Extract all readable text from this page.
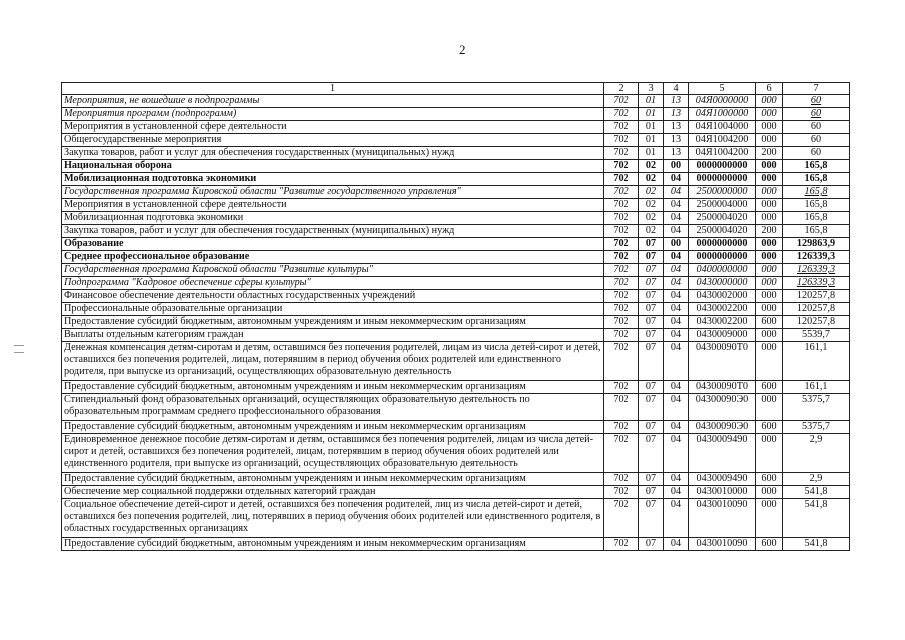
2
1	2	3	4	5	6	7
Мероприятия, не вошедшие в подпрограммы	702	01	13	04Я0000000	000	60
Мероприятия программ (подпрограмм)	702	01	13	04Я1000000	000	60
Мероприятия в установленной сфере деятельности	702	01	13	04Я1004000	000	60
Общегосударственные мероприятия	702	01	13	04Я1004200	000	60
Закупка товаров, работ и услуг для обеспечения государственных (муниципальных) нужд	702	01	13	04Я1004200	200	60
Национальная оборона	702	02	00	0000000000	000	165,8
Мобилизационная подготовка экономики	702	02	04	0000000000	000	165,8
Государственная программа Кировской области "Развитие государственного управления"	702	02	04	2500000000	000	165,8
Мероприятия в установленной сфере деятельности	702	02	04	2500004000	000	165,8
Мобилизационная подготовка экономики	702	02	04	2500004020	000	165,8
Закупка товаров, работ и услуг для обеспечения государственных (муниципальных) нужд	702	02	04	2500004020	200	165,8
Образование	702	07	00	0000000000	000	129863,9
Среднее профессиональное образование	702	07	04	0000000000	000	126339,3
Государственная программа Кировской области "Развитие культуры"	702	07	04	0400000000	000	126339,3
Подпрограмма "Кадровое обеспечение сферы культуры"	702	07	04	0430000000	000	126339,3
Финансовое обеспечение деятельности областных государственных учреждений	702	07	04	0430002000	000	120257,8
Профессиональные образовательные организации	702	07	04	0430002200	000	120257,8
Предоставление субсидий бюджетным, автономным учреждениям и иным некоммерческим организациям	702	07	04	0430002200	600	120257,8
Выплаты отдельным категориям граждан	702	07	04	0430009000	000	5539,7
Денежная компенсация детям-сиротам и детям, оставшимся без попечения родителей, лицам из числа детей-сирот и детей, оставшихся без попечения родителей, лицам, потерявшим в период обучения обоих родителей или единственного родителя, при выпуске из организаций, осуществляющих образовательную деятельность	702	07	04	04300090Т0	000	161,1
Предоставление субсидий бюджетным, автономным учреждениям и иным некоммерческим организациям	702	07	04	04300090Т0	600	161,1
Стипендиальный фонд образовательных организаций, осуществляющих образовательную деятельность по образовательным программам среднего профессионального образования	702	07	04	04300090Э0	000	5375,7
Предоставление субсидий бюджетным, автономным учреждениям и иным некоммерческим организациям	702	07	04	04300090Э0	600	5375,7
Единовременное денежное пособие детям-сиротам и детям, оставшимся без попечения родителей, лицам из числа детей-сирот и детей, оставшихся без попечения родителей, лицам, потерявшим в период обучения обоих родителей или единственного родителя, при выпуске из организаций, осуществляющих образовательную деятельность	702	07	04	0430009490	000	2,9
Предоставление субсидий бюджетным, автономным учреждениям и иным некоммерческим организациям	702	07	04	0430009490	600	2,9
Обеспечение мер социальной поддержки отдельных категорий граждан	702	07	04	0430010000	000	541,8
Социальное обеспечение детей-сирот и детей, оставшихся без попечения родителей, лиц из числа детей-сирот и детей, оставшихся без попечения родителей, лиц, потерявших в период обучения обоих родителей или единственного родителя, в областных государственных организациях	702	07	04	0430010090	000	541,8
Предоставление субсидий бюджетным, автономным учреждениям и иным некоммерческим организациям	702	07	04	0430010090	600	541,8
